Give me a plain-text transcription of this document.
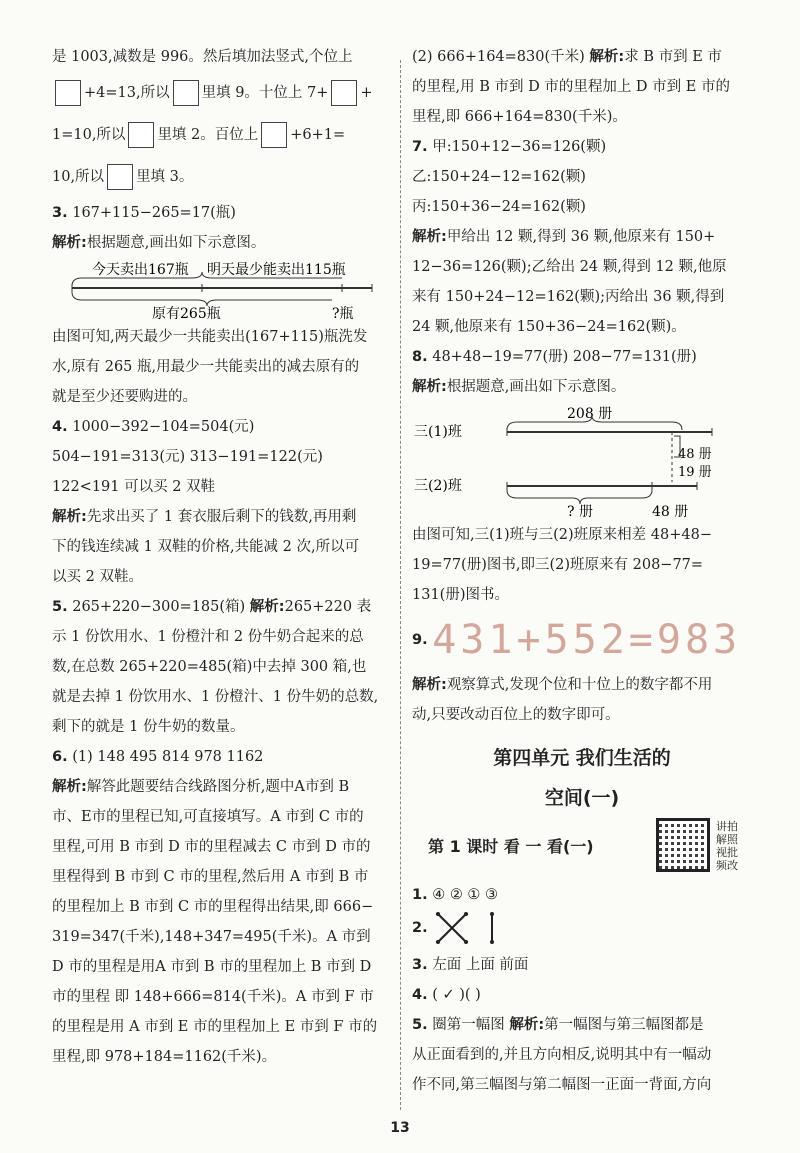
是 1003,减数是 996。然后填加法竖式,个位上
+4=13,所以 里填 9。十位上 7+ +
1=10,所以 里填 2。百位上 +6+1=
10,所以 里填 3。
3. 167+115−265=17(瓶)
解析:根据题意,画出如下示意图。
今天卖出167瓶 明天最少能卖出115瓶
原有265瓶	?瓶
由图可知,两天最少一共能卖出(167+115)瓶洗发
水,原有 265 瓶,用最少一共能卖出的减去原有的
就是至少还要购进的。
4. 1000−392−104=504(元)
504−191=313(元) 313−191=122(元)
122<191 可以买 2 双鞋
解析:先求出买了 1 套衣服后剩下的钱数,再用剩
下的钱连续减 1 双鞋的价格,共能减 2 次,所以可
以买 2 双鞋。
5. 265+220−300=185(箱) 解析:265+220 表
示 1 份饮用水、1 份橙汁和 2 份牛奶合起来的总
数,在总数 265+220=485(箱)中去掉 300 箱,也
就是去掉 1 份饮用水、1 份橙汁、1 份牛奶的总数,
剩下的就是 1 份牛奶的数量。
6. (1) 148 495 814 978 1162
解析:解答此题要结合线路图分析,题中A市到 B
市、E市的里程已知,可直接填写。A 市到 C 市的
里程,可用 B 市到 D 市的里程减去 C 市到 D 市的
里程得到 B 市到 C 市的里程,然后用 A 市到 B 市
的里程加上 B 市到 C 市的里程得出结果,即 666−
319=347(千米),148+347=495(千米)。A 市到
D 市的里程是用A 市到 B 市的里程加上 B 市到 D
市的里程 即 148+666=814(千米)。A 市到 F 市
的里程是用 A 市到 E 市的里程加上 E 市到 F 市的
里程,即 978+184=1162(千米)。
(2) 666+164=830(千米) 解析:求 B 市到 E 市
的里程,用 B 市到 D 市的里程加上 D 市到 E 市的
里程,即 666+164=830(千米)。
7. 甲:150+12−36=126(颗)
乙:150+24−12=162(颗)
丙:150+36−24=162(颗)
解析:甲给出 12 颗,得到 36 颗,他原来有 150+
12−36=126(颗);乙给出 24 颗,得到 12 颗,他原
来有 150+24−12=162(颗);丙给出 36 颗,得到
24 颗,他原来有 150+36−24=162(颗)。
8. 48+48−19=77(册) 208−77=131(册)
解析:根据题意,画出如下示意图。
208 册
三(1)班
48 册
19 册
三(2)班
? 册	48 册
由图可知,三(1)班与三(2)班原来相差 48+48−
19=77(册)图书,即三(2)班原来有 208−77=
131(册)图书。
9. 431+552=983
解析:观察算式,发现个位和十位上的数字都不用
动,只要改动百位上的数字即可。
第四单元 我们生活的
空间(一)
第 1 课时 看 一 看(一)
讲拍解照视批频改
1. ④ ② ① ③
2.
3. 左面 上面 前面
4. ( ✓ )( )
5. 圈第一幅图 解析:第一幅图与第三幅图都是
从正面看到的,并且方向相反,说明其中有一幅动
作不同,第三幅图与第二幅图一正面一背面,方向
13
